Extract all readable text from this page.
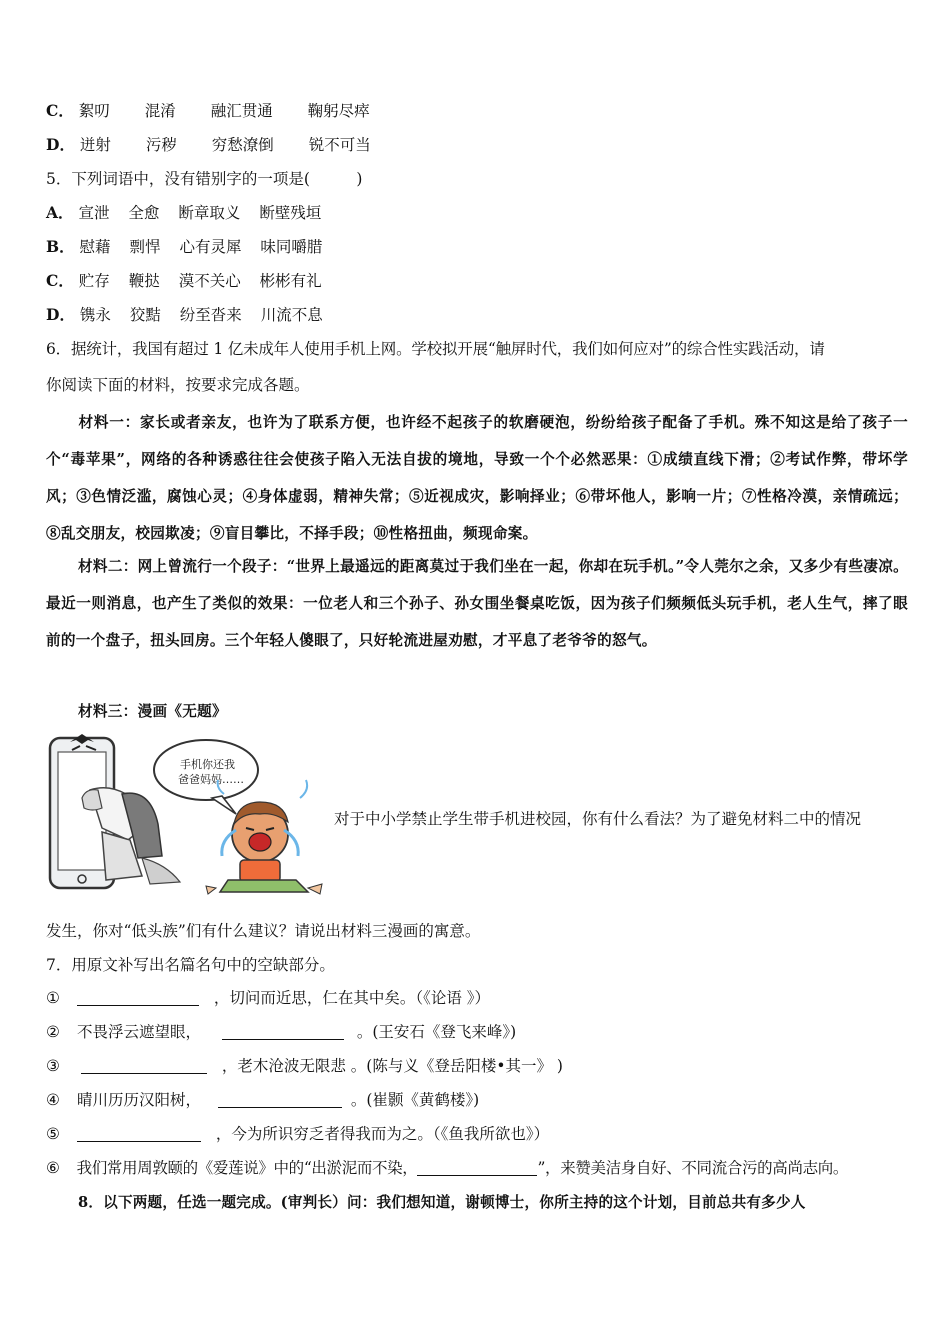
C． 絮叨 混淆 融汇贯通 鞠躬尽瘁
D． 迸射 污秽 穷愁潦倒 锐不可当
5．下列词语中，没有错别字的一项是(　　　)
A． 宣泄 全愈 断章取义 断壁残垣
B． 慰藉 剽悍 心有灵犀 味同嚼腊
C． 贮存 鞭挞 漠不关心 彬彬有礼
D． 镌永 狡黠 纷至沓来 川流不息
6．据统计，我国有超过 1 亿未成年人使用手机上网。学校拟开展“触屏时代，我们如何应对”的综合性实践活动，请
你阅读下面的材料，按要求完成各题。
材料一：家长或者亲友，也许为了联系方便，也许经不起孩子的软磨硬泡，纷纷给孩子配备了手机。殊不知这是给了孩子一个“毒苹果”，网络的各种诱惑往往会使孩子陷入无法自拔的境地，导致一个个必然恶果：①成绩直线下滑；②考试作弊，带坏学风；③色情泛滥，腐蚀心灵；④身体虚弱，精神失常；⑤近视成灾，影响择业；⑥带坏他人，影响一片；⑦性格冷漠，亲情疏远；⑧乱交朋友，校园欺凌；⑨盲目攀比，不择手段；⑩性格扭曲，频现命案。
材料二：网上曾流行一个段子：“世界上最遥远的距离莫过于我们坐在一起，你却在玩手机。”令人莞尔之余，又多少有些凄凉。最近一则消息，也产生了类似的效果：一位老人和三个孙子、孙女围坐餐桌吃饭，因为孩子们频频低头玩手机，老人生气，摔了眼前的一个盘子，扭头回房。三个年轻人傻眼了，只好轮流进屋劝慰，才平息了老爷爷的怒气。
材料三：漫画《无题》
手机你还我
爸爸妈妈……
对于中小学禁止学生带手机进校园，你有什么看法？为了避免材料二中的情况
发生，你对“低头族”们有什么建议？请说出材料三漫画的寓意。
7．用原文补写出名篇名句中的空缺部分。
①	，切问而近思，仁在其中矣。（《论语 》）
② 不畏浮云遮望眼，	。(王安石《登飞来峰》)
③	，老木沧波无限悲 。(陈与义《登岳阳楼•其一》 )
④ 晴川历历汉阳树，	。(崔颢《黄鹤楼》)
⑤	，今为所识穷乏者得我而为之。（《鱼我所欲也》）
⑥ 我们常用周敦颐的《爱莲说》中的“出淤泥而不染，	”，来赞美洁身自好、不同流合污的高尚志向。
8．以下两题，任选一题完成。(审判长）问：我们想知道，谢顿博士，你所主持的这个计划，目前总共有多少人
